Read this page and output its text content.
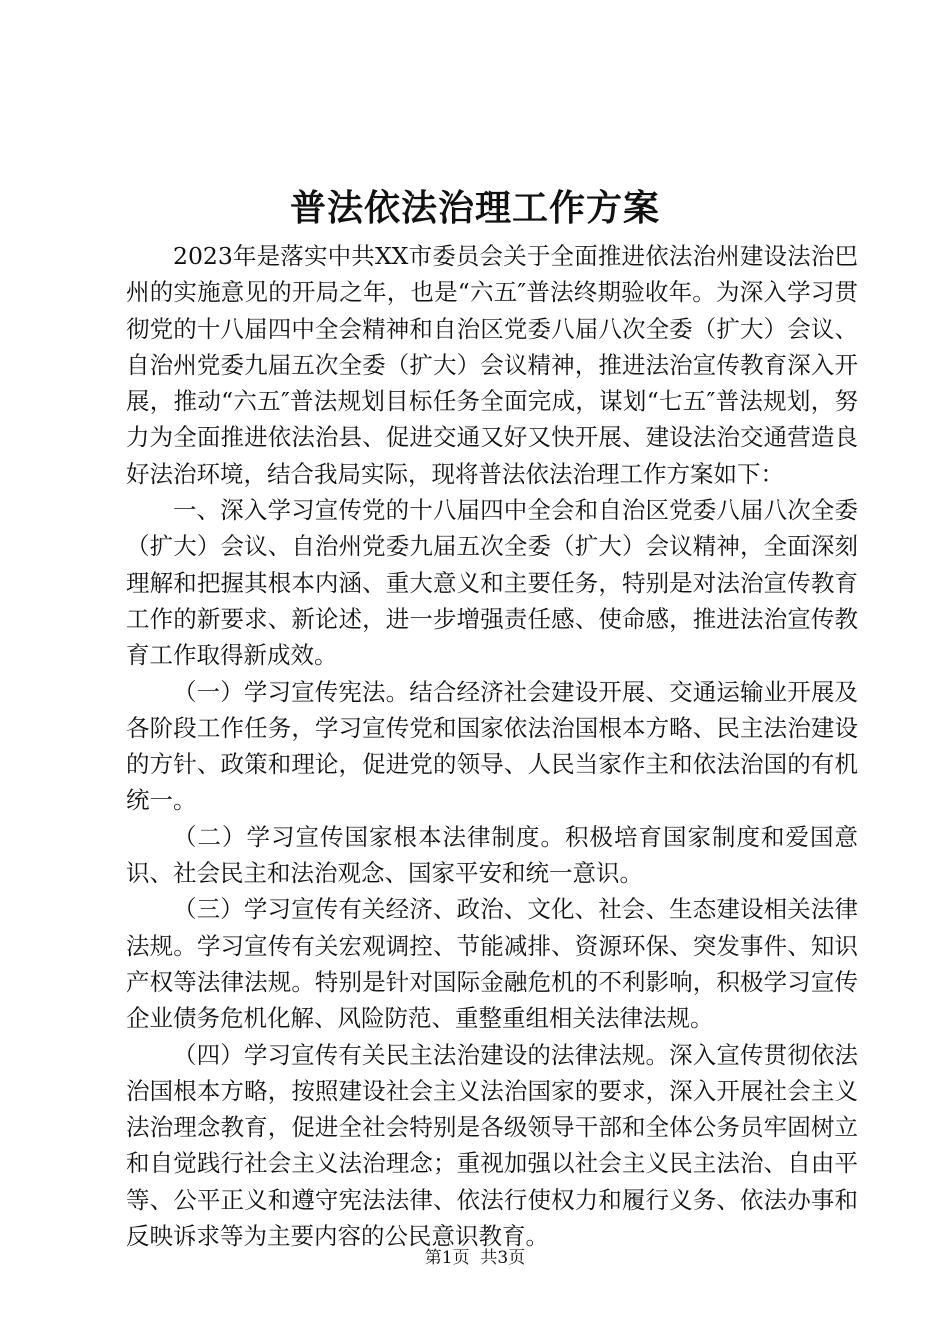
普法依法治理工作方案

2023年是落实中共XX市委员会关于全面推进依法治州建设法治巴州的实施意见的开局之年，也是“六五″普法终期验收年。为深入学习贯彻党的十八届四中全会精神和自治区党委八届八次全委（扩大）会议、自治州党委九届五次全委（扩大）会议精神，推进法治宣传教育深入开展，推动“六五″普法规划目标任务全面完成，谋划“七五″普法规划，努力为全面推进依法治县、促进交通又好又快开展、建设法治交通营造良好法治环境，结合我局实际，现将普法依法治理工作方案如下：

一、深入学习宣传党的十八届四中全会和自治区党委八届八次全委（扩大）会议、自治州党委九届五次全委（扩大）会议精神，全面深刻理解和把握其根本内涵、重大意义和主要任务，特别是对法治宣传教育工作的新要求、新论述，进一步增强责任感、使命感，推进法治宣传教育工作取得新成效。

（一）学习宣传宪法。结合经济社会建设开展、交通运输业开展及各阶段工作任务，学习宣传党和国家依法治国根本方略、民主法治建设的方针、政策和理论，促进党的领导、人民当家作主和依法治国的有机统一。

（二）学习宣传国家根本法律制度。积极培育国家制度和爱国意识、社会民主和法治观念、国家平安和统一意识。

（三）学习宣传有关经济、政治、文化、社会、生态建设相关法律法规。学习宣传有关宏观调控、节能减排、资源环保、突发事件、知识产权等法律法规。特别是针对国际金融危机的不利影响，积极学习宣传企业债务危机化解、风险防范、重整重组相关法律法规。

（四）学习宣传有关民主法治建设的法律法规。深入宣传贯彻依法治国根本方略，按照建设社会主义法治国家的要求，深入开展社会主义法治理念教育，促进全社会特别是各级领导干部和全体公务员牢固树立和自觉践行社会主义法治理念；重视加强以社会主义民主法治、自由平等、公平正义和遵守宪法法律、依法行使权力和履行义务、依法办事和反映诉求等为主要内容的公民意识教育。

第1页  共3页
